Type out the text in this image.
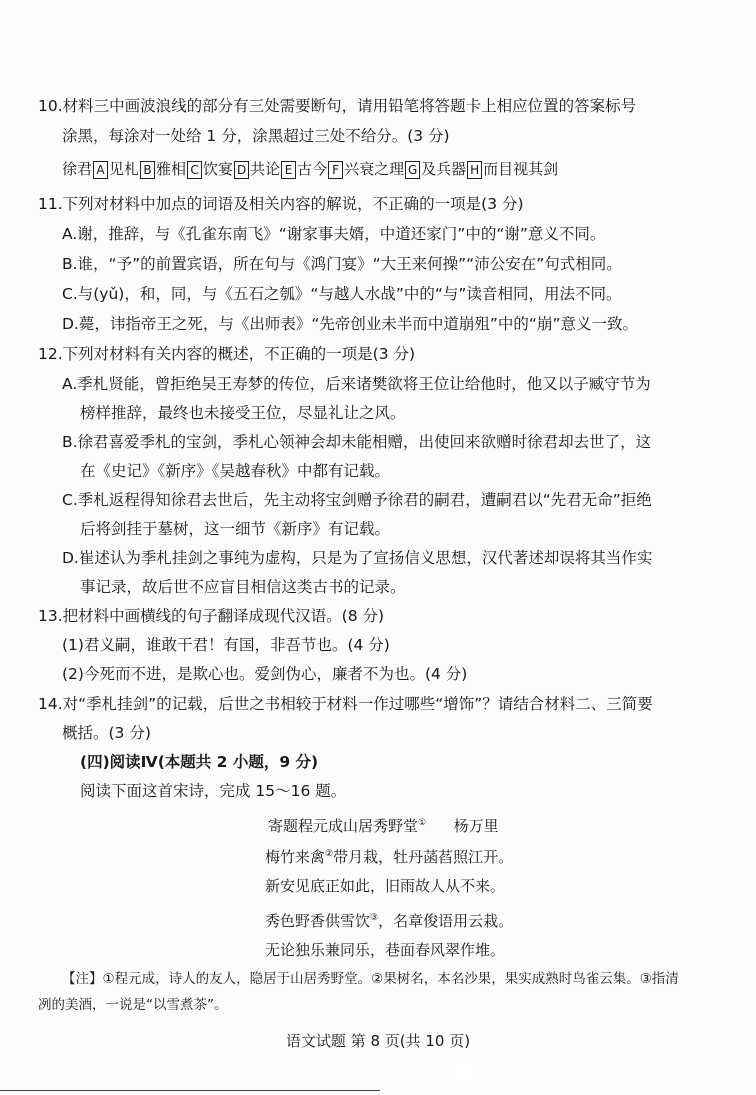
10.材料三中画波浪线的部分有三处需要断句，请用铅笔将答题卡上相应位置的答案标号
涂黑，每涂对一处给 1 分，涂黑超过三处不给分。(3 分)
徐君 A 见札 B 雅相 C 饮宴 D 共论 E 古今 F 兴衰之理 G 及兵器 H 而目视其剑
11.下列对材料中加点的词语及相关内容的解说，不正确的一项是(3 分)
A.谢，推辞，与《孔雀东南飞》“谢家事夫婿，中道还家门”中的“谢”意义不同。
B.谁，“予”的前置宾语，所在句与《鸿门宴》“大王来何操”“沛公安在”句式相同。
C.与(yǔ)，和，同，与《五石之瓠》“与越人水战”中的“与”读音相同，用法不同。
D.薨，讳指帝王之死，与《出师表》“先帝创业未半而中道崩殂”中的“崩”意义一致。
12.下列对材料有关内容的概述，不正确的一项是(3 分)
A.季札贤能，曾拒绝吴王寿梦的传位，后来诸樊欲将王位让给他时，他又以子臧守节为
榜样推辞，最终也未接受王位，尽显礼让之风。
B.徐君喜爱季札的宝剑，季札心领神会却未能相赠，出使回来欲赠时徐君却去世了，这
在《史记》《新序》《吴越春秋》中都有记载。
C.季札返程得知徐君去世后，先主动将宝剑赠予徐君的嗣君，遭嗣君以“先君无命”拒绝
后将剑挂于墓树，这一细节《新序》有记载。
D.崔述认为季札挂剑之事纯为虚构，只是为了宣扬信义思想，汉代著述却误将其当作实
事记录，故后世不应盲目相信这类古书的记录。
13.把材料中画横线的句子翻译成现代汉语。(8 分)
(1)君义嗣，谁敢干君！有国，非吾节也。(4 分)
(2)今死而不进，是欺心也。爱剑伪心，廉者不为也。(4 分)
14.对“季札挂剑”的记载，后世之书相较于材料一作过哪些“增饰”？请结合材料二、三简要
概括。(3 分)
(四)阅读Ⅳ(本题共 2 小题，9 分)
阅读下面这首宋诗，完成 15～16 题。
寄题程元成山居秀野堂① 杨万里
梅竹来禽②带月栽，牡丹菡萏照江开。
新安见底正如此，旧雨故人从不来。
秀色野香供雪饮③，名章俊语用云栽。
无论独乐兼同乐，巷面春风翠作堆。
【注】①程元成，诗人的友人，隐居于山居秀野堂。②果树名，本名沙果，果实成熟时鸟雀云集。③指清
冽的美酒，一说是“以雪煮茶”。
语文试题 第 8 页(共 10 页)
